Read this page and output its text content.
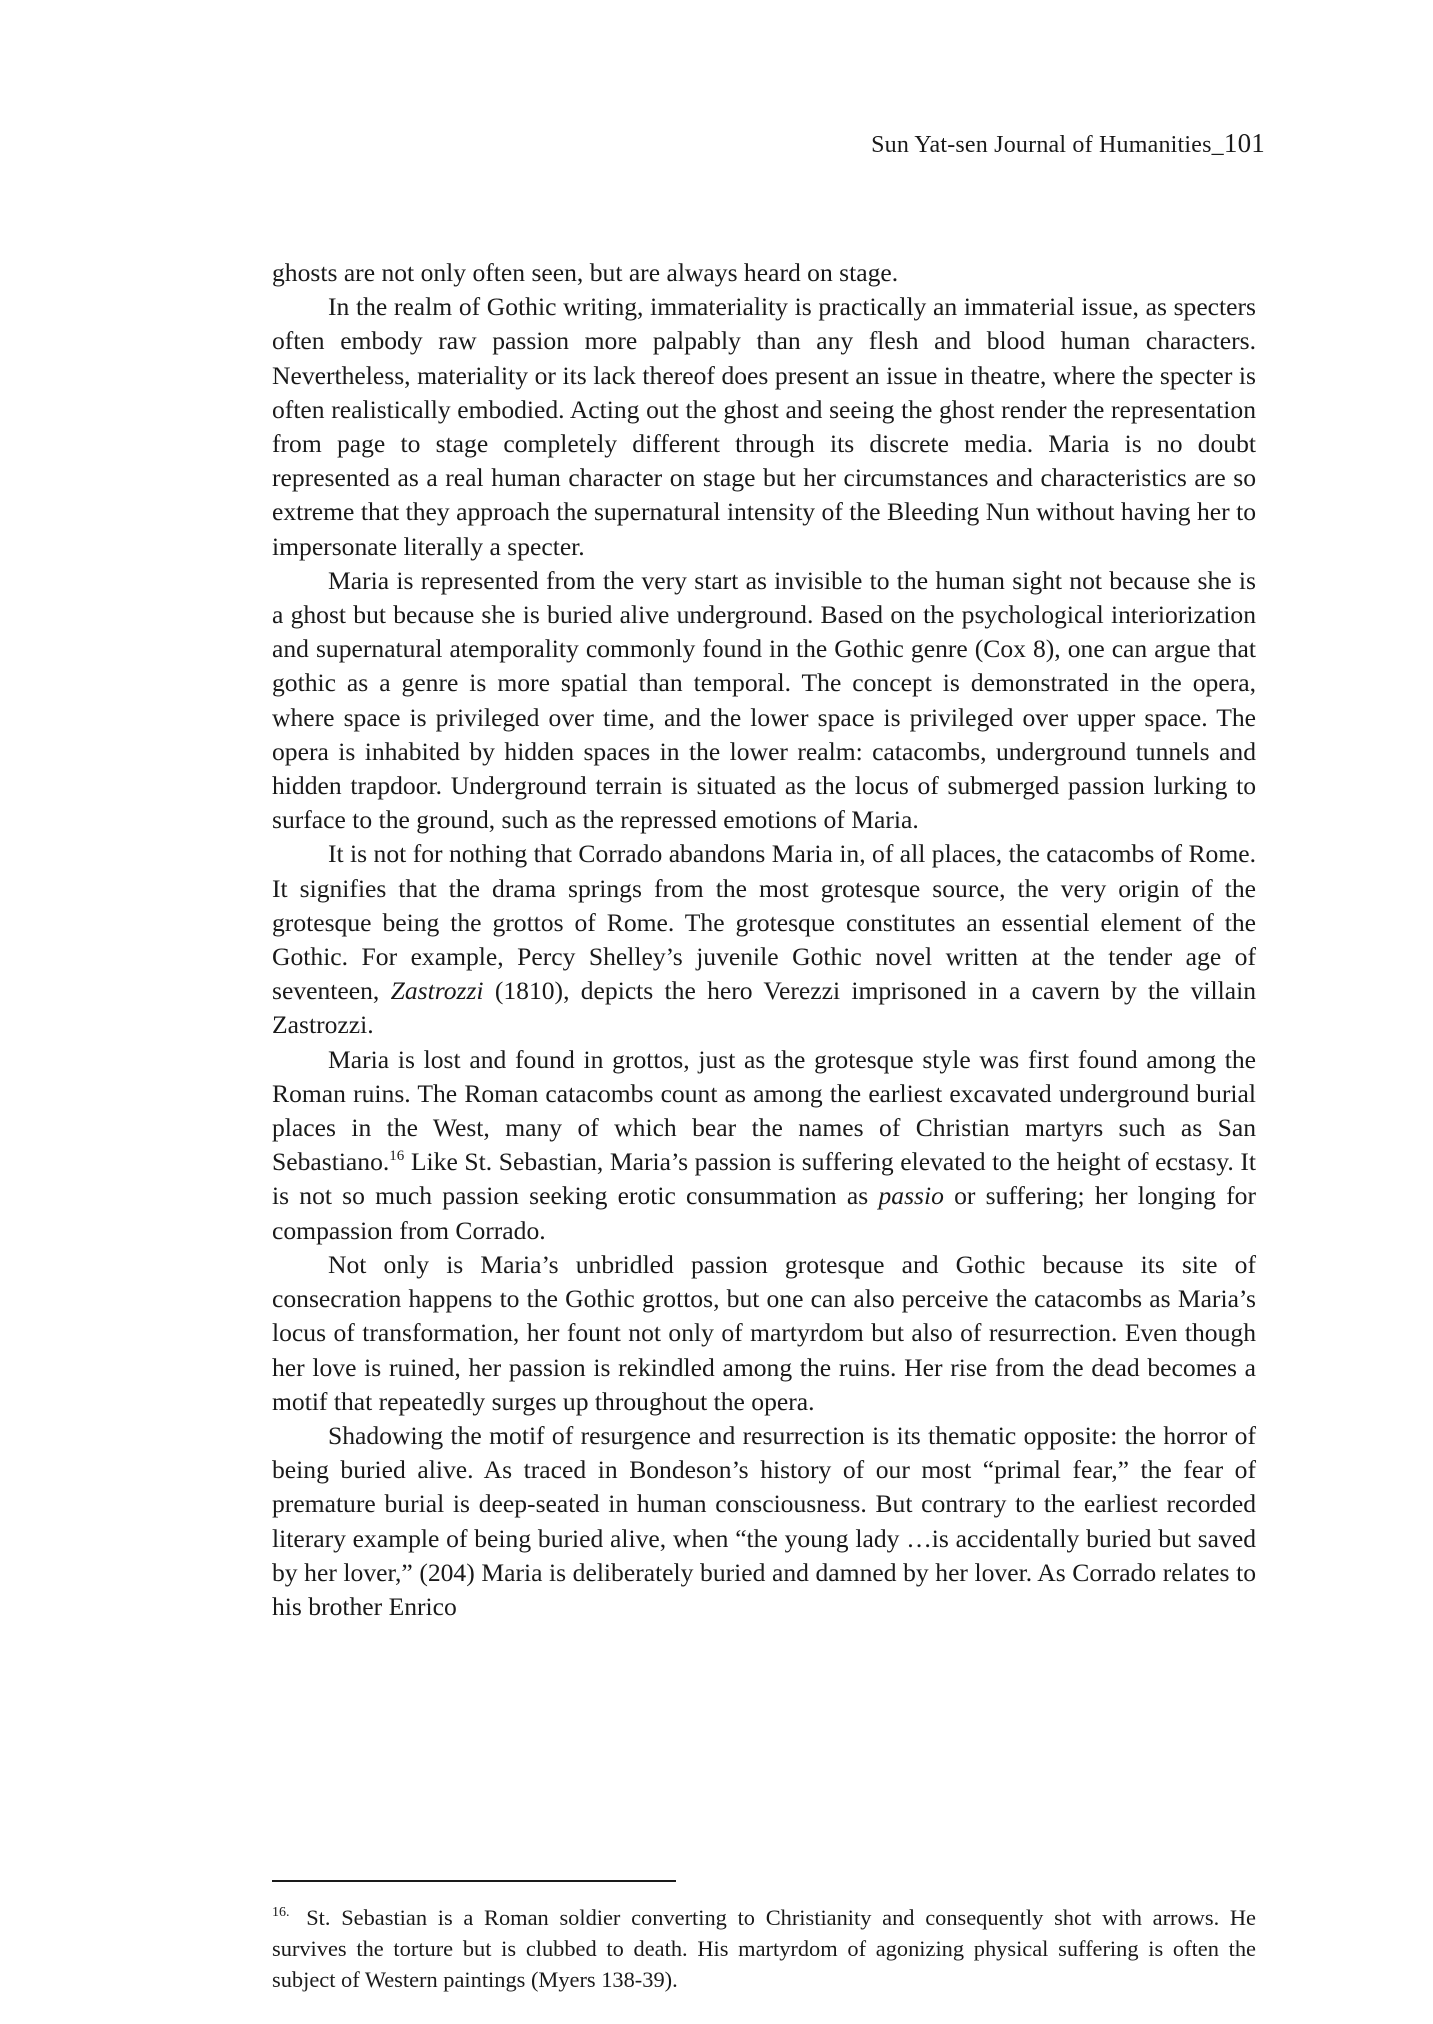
Sun Yat-sen Journal of Humanities_101

ghosts are not only often seen, but are always heard on stage.

In the realm of Gothic writing, immateriality is practically an immaterial issue, as specters often embody raw passion more palpably than any flesh and blood human characters. Nevertheless, materiality or its lack thereof does present an issue in theatre, where the specter is often realistically embodied. Acting out the ghost and seeing the ghost render the representation from page to stage completely different through its discrete media. Maria is no doubt represented as a real human character on stage but her circumstances and characteristics are so extreme that they approach the supernatural intensity of the Bleeding Nun without having her to impersonate literally a specter.

Maria is represented from the very start as invisible to the human sight not because she is a ghost but because she is buried alive underground. Based on the psychological interiorization and supernatural atemporality commonly found in the Gothic genre (Cox 8), one can argue that gothic as a genre is more spatial than temporal. The concept is demonstrated in the opera, where space is privileged over time, and the lower space is privileged over upper space. The opera is inhabited by hidden spaces in the lower realm: catacombs, underground tunnels and hidden trapdoor. Underground terrain is situated as the locus of submerged passion lurking to surface to the ground, such as the repressed emotions of Maria.

It is not for nothing that Corrado abandons Maria in, of all places, the catacombs of Rome. It signifies that the drama springs from the most grotesque source, the very origin of the grotesque being the grottos of Rome. The grotesque constitutes an essential element of the Gothic. For example, Percy Shelley’s juvenile Gothic novel written at the tender age of seventeen, Zastrozzi (1810), depicts the hero Verezzi imprisoned in a cavern by the villain Zastrozzi.

Maria is lost and found in grottos, just as the grotesque style was first found among the Roman ruins. The Roman catacombs count as among the earliest excavated underground burial places in the West, many of which bear the names of Christian martyrs such as San Sebastiano.$^{16}$ Like St. Sebastian, Maria’s passion is suffering elevated to the height of ecstasy. It is not so much passion seeking erotic consummation as passio or suffering; her longing for compassion from Corrado.

Not only is Maria’s unbridled passion grotesque and Gothic because its site of consecration happens to the Gothic grottos, but one can also perceive the catacombs as Maria’s locus of transformation, her fount not only of martyrdom but also of resurrection. Even though her love is ruined, her passion is rekindled among the ruins. Her rise from the dead becomes a motif that repeatedly surges up throughout the opera.

Shadowing the motif of resurgence and resurrection is its thematic opposite: the horror of being buried alive. As traced in Bondeson’s history of our most “primal fear,” the fear of premature burial is deep-seated in human consciousness. But contrary to the earliest recorded literary example of being buried alive, when “the young lady …is accidentally buried but saved by her lover,” (204) Maria is deliberately buried and damned by her lover. As Corrado relates to his brother Enrico

$^{16.}$ St. Sebastian is a Roman soldier converting to Christianity and consequently shot with arrows. He survives the torture but is clubbed to death. His martyrdom of agonizing physical suffering is often the subject of Western paintings (Myers 138-39).
